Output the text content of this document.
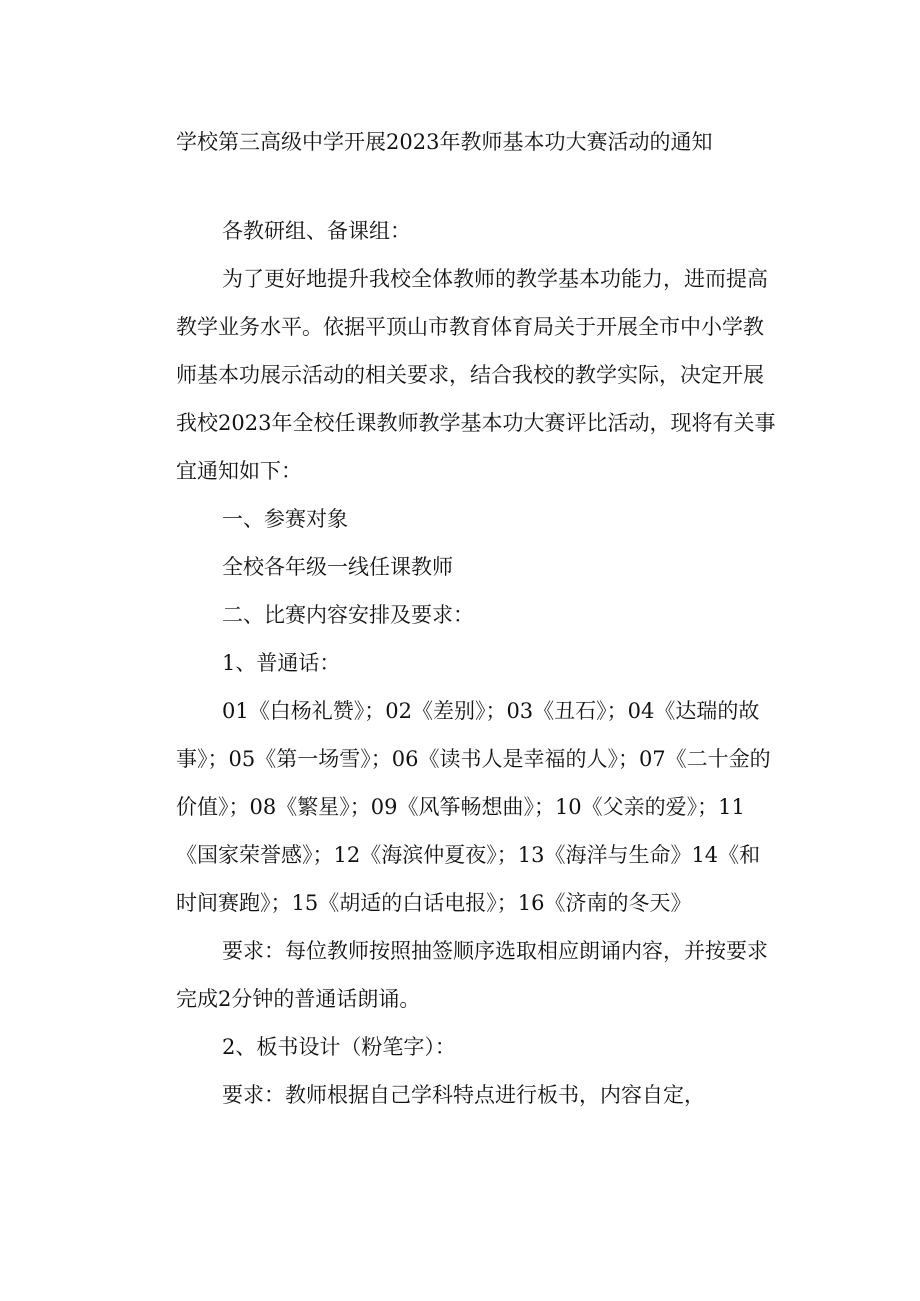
学校第三高级中学开展2023年教师基本功大赛活动的通知

各教研组、备课组：

为了更好地提升我校全体教师的教学基本功能力，进而提高教学业务水平。依据平顶山市教育体育局关于开展全市中小学教师基本功展示活动的相关要求，结合我校的教学实际，决定开展我校2023年全校任课教师教学基本功大赛评比活动，现将有关事宜通知如下：

一、参赛对象

全校各年级一线任课教师

二、比赛内容安排及要求：

1、普通话：

01《白杨礼赞》；02《差别》；03《丑石》；04《达瑞的故事》；05《第一场雪》；06《读书人是幸福的人》；07《二十金的价值》；08《繁星》；09《风筝畅想曲》；10《父亲的爱》；11《国家荣誉感》；12《海滨仲夏夜》；13《海洋与生命》14《和时间赛跑》；15《胡适的白话电报》；16《济南的冬天》

要求：每位教师按照抽签顺序选取相应朗诵内容，并按要求完成2分钟的普通话朗诵。

2、板书设计（粉笔字）：

要求：教师根据自己学科特点进行板书，内容自定，
